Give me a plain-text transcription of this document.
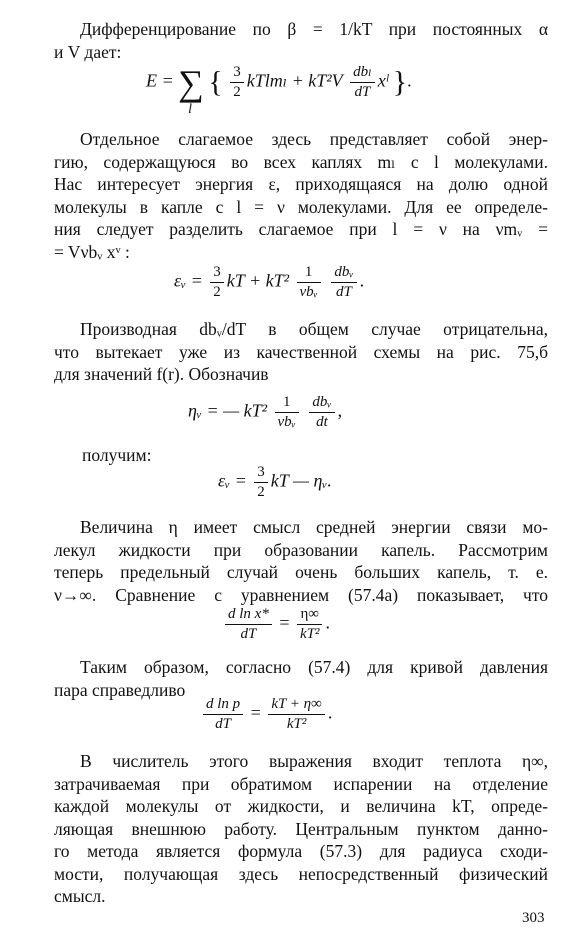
Дифференцирование по β = 1/kT при постоянных α
и V дает:
E = ∑
l
{ $\frac{3}{2}$ kTlmₗ + $kT^2V \frac{\text{dbₗ}}{dT}$ xˡ }.
Отдельное слагаемое здесь представляет собой энер-
гию, содержащуюся во всех каплях mₗ с l молекулами.
Нас интересует энергия ε, приходящаяся на долю одной
молекулы в капле с l = ν молекулами. Для ее определе-
ния следует разделить слагаемое при l = ν на νmᵥ =
= Vνbᵥ xᵛ :
εᵥ = $\frac{3}{2}$ kT + $kT^2 \frac{1}{\text{νbᵥ}}$
$\frac{\text{dbᵥ}}{dT}$ .
Производная dbᵥ/dT в общем случае отрицательна,
что вытекает уже из качественной схемы на рис. 75,б
для значений f(r). Обозначив
ηᵥ = — $kT^2 \frac{1}{\text{νbᵥ}}$
$\frac{\text{dbᵥ}}{dt}$ ,
получим:
εᵥ = $\frac{3}{2}$ kT — ηᵥ.
Величина η имеет смысл средней энергии связи мо-
лекул жидкости при образовании капель. Рассмотрим
теперь предельный случай очень больших капель, т. е.
ν→∞. Сравнение с уравнением (57.4а) показывает, что
$\frac{\text{d ln x*}}{dT} = \frac{\eta\infty}{\text{kT²}}$ .
Таким образом, согласно (57.4) для кривой давления
пара справедливо
$\frac{\text{d ln p}}{dT} = \frac{kT + \eta\infty}{\text{kT²}}$ .
В числитель этого выражения входит теплота η∞,
затрачиваемая при обратимом испарении на отделение
каждой молекулы от жидкости, и величина kT, опреде-
ляющая внешнюю работу. Центральным пунктом данно-
го метода является формула (57.3) для радиуса сходи-
мости, получающая здесь непосредственный физический
смысл.
303
